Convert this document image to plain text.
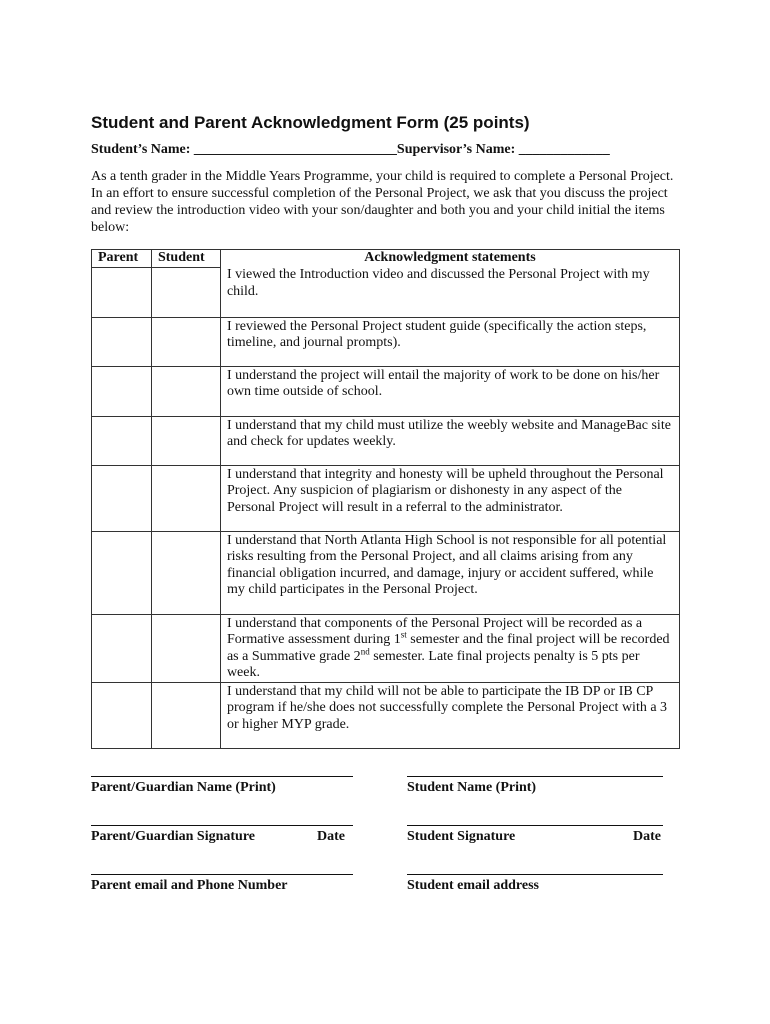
Student and Parent Acknowledgment Form (25 points)
Student’s Name: _____________________________Supervisor’s Name: _____________

As a tenth grader in the Middle Years Programme, your child is required to complete a Personal Project. In an effort to ensure successful completion of the Personal Project, we ask that you discuss the project and review the introduction video with your son/daughter and both you and your child initial the items below:

Parent	Student	Acknowledgment statements
		I viewed the Introduction video and discussed the Personal Project with my child.
		I reviewed the Personal Project student guide (specifically the action steps, timeline, and journal prompts).
		I understand the project will entail the majority of work to be done on his/her own time outside of school.
		I understand that my child must utilize the weebly website and ManageBac site and check for updates weekly.
		I understand that integrity and honesty will be upheld throughout the Personal Project. Any suspicion of plagiarism or dishonesty in any aspect of the Personal Project will result in a referral to the administrator.
		I understand that North Atlanta High School is not responsible for all potential risks resulting from the Personal Project, and all claims arising from any financial obligation incurred, and damage, injury or accident suffered, while my child participates in the Personal Project.
		I understand that components of the Personal Project will be recorded as a Formative assessment during 1st semester and the final project will be recorded as a Summative grade 2nd semester. Late final projects penalty is 5 pts per week.
		I understand that my child will not be able to participate the IB DP or IB CP program if he/she does not successfully complete the Personal Project with a 3 or higher MYP grade.
Parent/Guardian Name (Print)	Student Name (Print)
Parent/Guardian Signature	Date	Student Signature	Date
Parent email and Phone Number	Student email address
